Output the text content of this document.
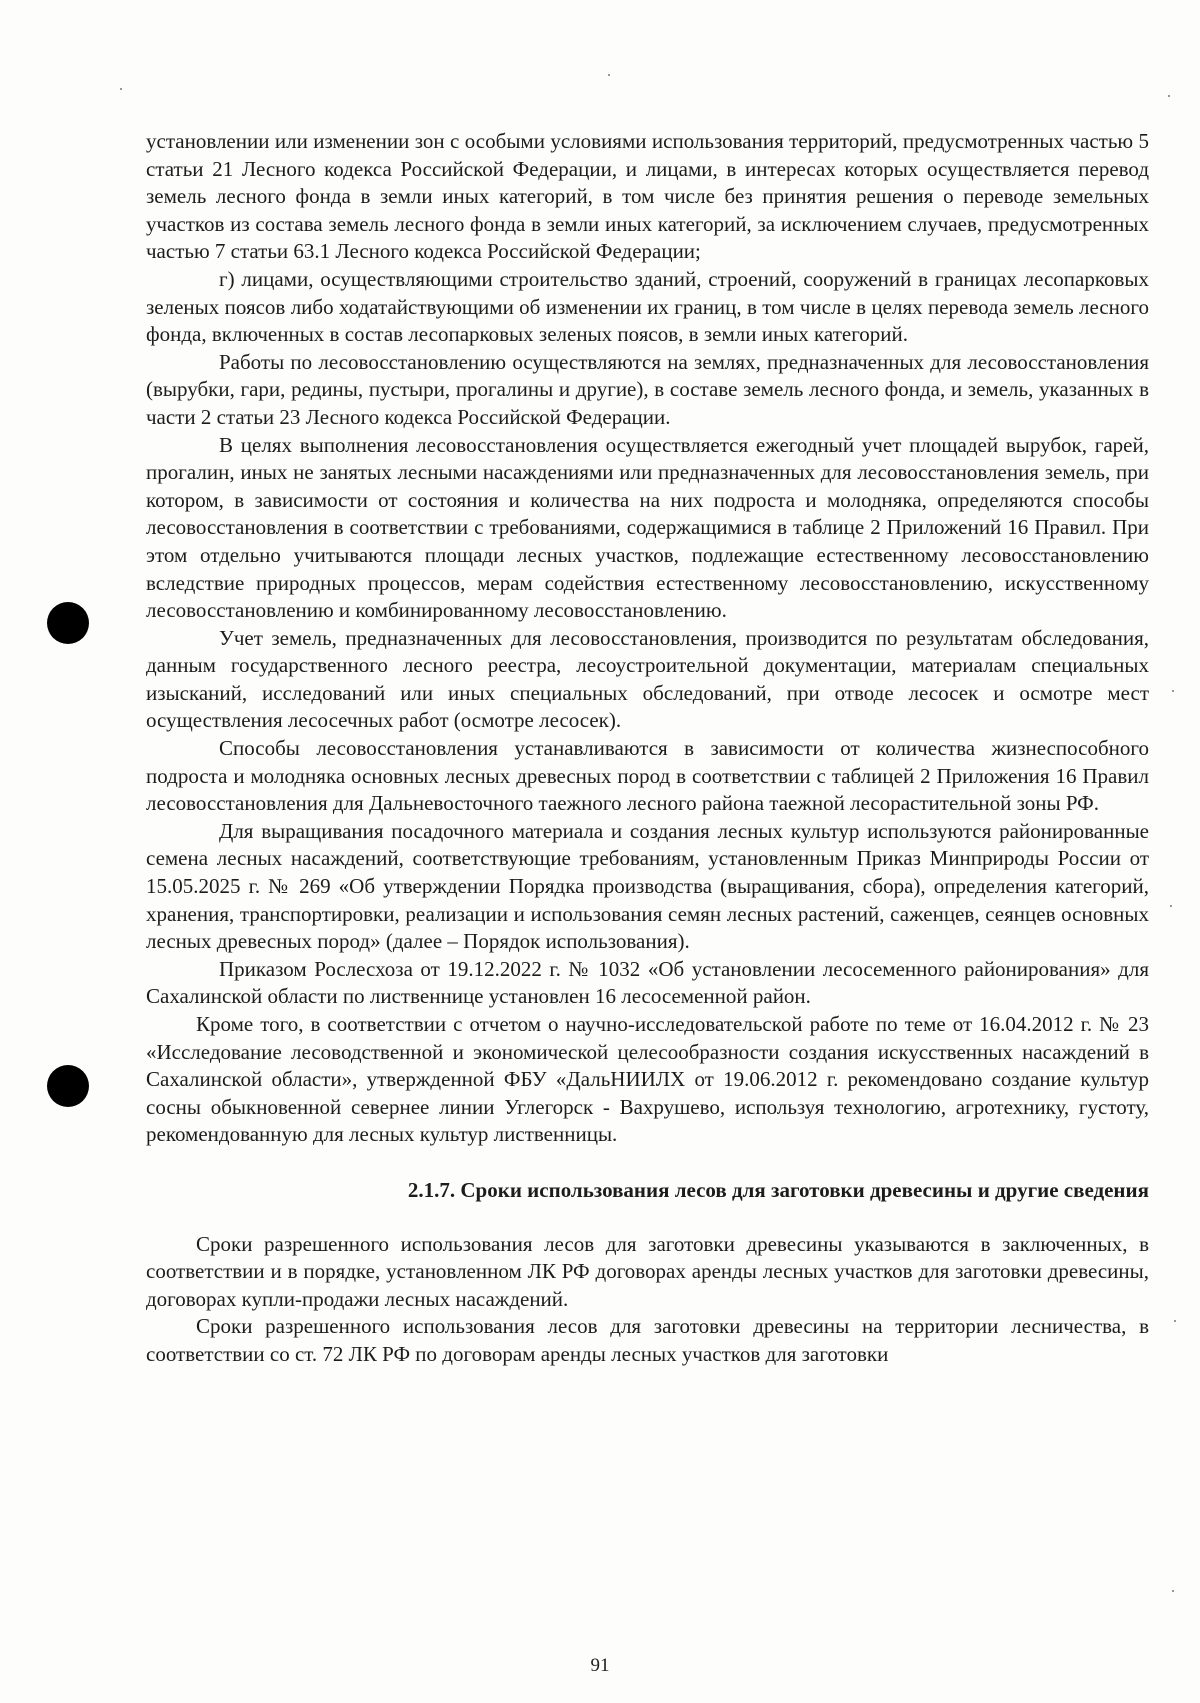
установлении или изменении зон с особыми условиями использования территорий, предусмотренных частью 5 статьи 21 Лесного кодекса Российской Федерации, и лицами, в интересах которых осуществляется перевод земель лесного фонда в земли иных категорий, в том числе без принятия решения о переводе земельных участков из состава земель лесного фонда в земли иных категорий, за исключением случаев, предусмотренных частью 7 статьи 63.1 Лесного кодекса Российской Федерации;

г) лицами, осуществляющими строительство зданий, строений, сооружений в границах лесопарковых зеленых поясов либо ходатайствующими об изменении их границ, в том числе в целях перевода земель лесного фонда, включенных в состав лесопарковых зеленых поясов, в земли иных категорий.

Работы по лесовосстановлению осуществляются на землях, предназначенных для лесовосстановления (вырубки, гари, редины, пустыри, прогалины и другие), в составе земель лесного фонда, и земель, указанных в части 2 статьи 23 Лесного кодекса Российской Федерации.

В целях выполнения лесовосстановления осуществляется ежегодный учет площадей вырубок, гарей, прогалин, иных не занятых лесными насаждениями или предназначенных для лесовосстановления земель, при котором, в зависимости от состояния и количества на них подроста и молодняка, определяются способы лесовосстановления в соответствии с требованиями, содержащимися в таблице 2 Приложений 16 Правил. При этом отдельно учитываются площади лесных участков, подлежащие естественному лесовосстановлению вследствие природных процессов, мерам содействия естественному лесовосстановлению, искусственному лесовосстановлению и комбинированному лесовосстановлению.

Учет земель, предназначенных для лесовосстановления, производится по результатам обследования, данным государственного лесного реестра, лесоустроительной документации, материалам специальных изысканий, исследований или иных специальных обследований, при отводе лесосек и осмотре мест осуществления лесосечных работ (осмотре лесосек).

Способы лесовосстановления устанавливаются в зависимости от количества жизнеспособного подроста и молодняка основных лесных древесных пород в соответствии с таблицей 2 Приложения 16 Правил лесовосстановления для Дальневосточного таежного лесного района таежной лесорастительной зоны РФ.

Для выращивания посадочного материала и создания лесных культур используются районированные семена лесных насаждений, соответствующие требованиям, установленным Приказ Минприроды России от 15.05.2025 г. № 269 «Об утверждении Порядка производства (выращивания, сбора), определения категорий, хранения, транспортировки, реализации и использования семян лесных растений, саженцев, сеянцев основных лесных древесных пород» (далее – Порядок использования).

Приказом Рослесхоза от 19.12.2022 г. № 1032 «Об установлении лесосеменного районирования» для Сахалинской области по лиственнице установлен 16 лесосеменной район.

Кроме того, в соответствии с отчетом о научно-исследовательской работе по теме от 16.04.2012 г. № 23 «Исследование лесоводственной и экономической целесообразности создания искусственных насаждений в Сахалинской области», утвержденной ФБУ «ДальНИИЛХ от 19.06.2012 г. рекомендовано создание культур сосны обыкновенной севернее линии Углегорск - Вахрушево, используя технологию, агротехнику, густоту, рекомендованную для лесных культур лиственницы.

2.1.7. Сроки использования лесов для заготовки древесины и другие сведения

Сроки разрешенного использования лесов для заготовки древесины указываются в заключенных, в соответствии и в порядке, установленном ЛК РФ договорах аренды лесных участков для заготовки древесины, договорах купли-продажи лесных насаждений.

Сроки разрешенного использования лесов для заготовки древесины на территории лесничества, в соответствии со ст. 72 ЛК РФ по договорам аренды лесных участков для заготовки

91
